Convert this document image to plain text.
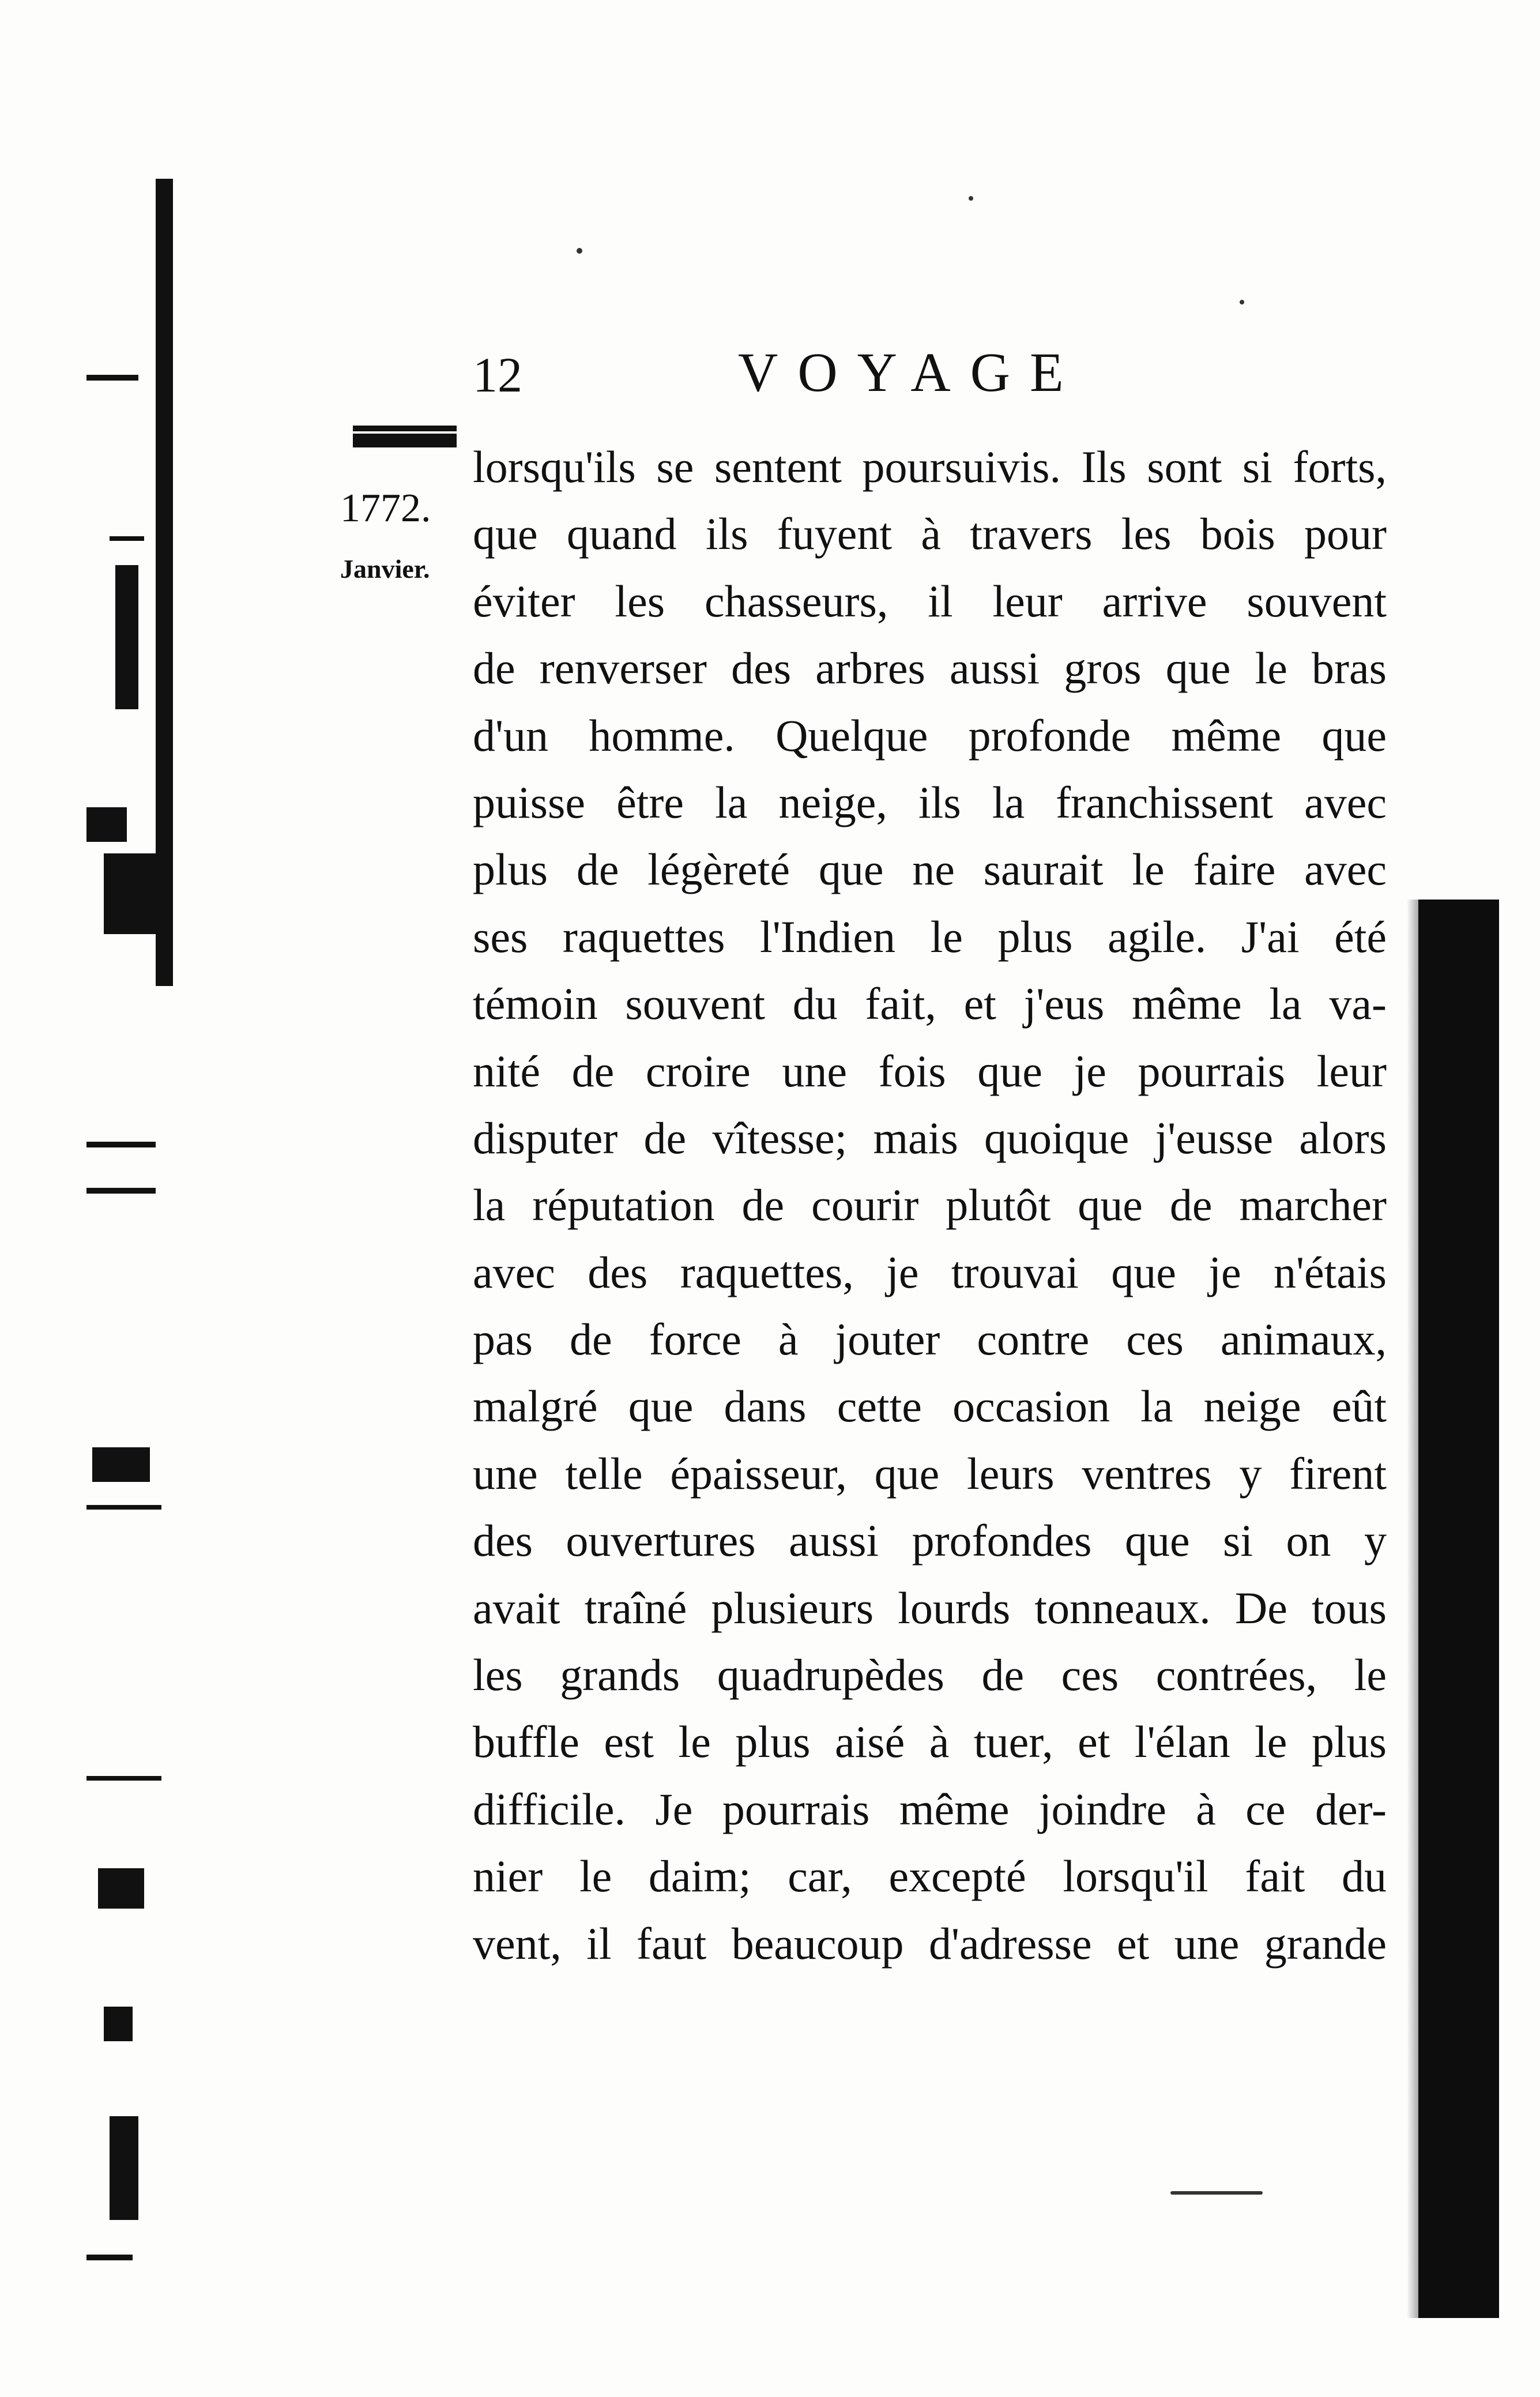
12	VOYAGE
1772.
Janvier.
lorsqu'ils se sentent poursuivis. Ils sont si forts,
que quand ils fuyent à travers les bois pour
éviter les chasseurs, il leur arrive souvent
de renverser des arbres aussi gros que le bras
d'un homme. Quelque profonde même que
puisse être la neige, ils la franchissent avec
plus de légèreté que ne saurait le faire avec
ses raquettes l'Indien le plus agile. J'ai été
témoin souvent du fait, et j'eus même la va-
nité de croire une fois que je pourrais leur
disputer de vîtesse; mais quoique j'eusse alors
la réputation de courir plutôt que de marcher
avec des raquettes, je trouvai que je n'étais
pas de force à jouter contre ces animaux,
malgré que dans cette occasion la neige eût
une telle épaisseur, que leurs ventres y firent
des ouvertures aussi profondes que si on y
avait traîné plusieurs lourds tonneaux. De tous
les grands quadrupèdes de ces contrées, le
buffle est le plus aisé à tuer, et l'élan le plus
difficile. Je pourrais même joindre à ce der-
nier le daim; car, excepté lorsqu'il fait du
vent, il faut beaucoup d'adresse et une grande
